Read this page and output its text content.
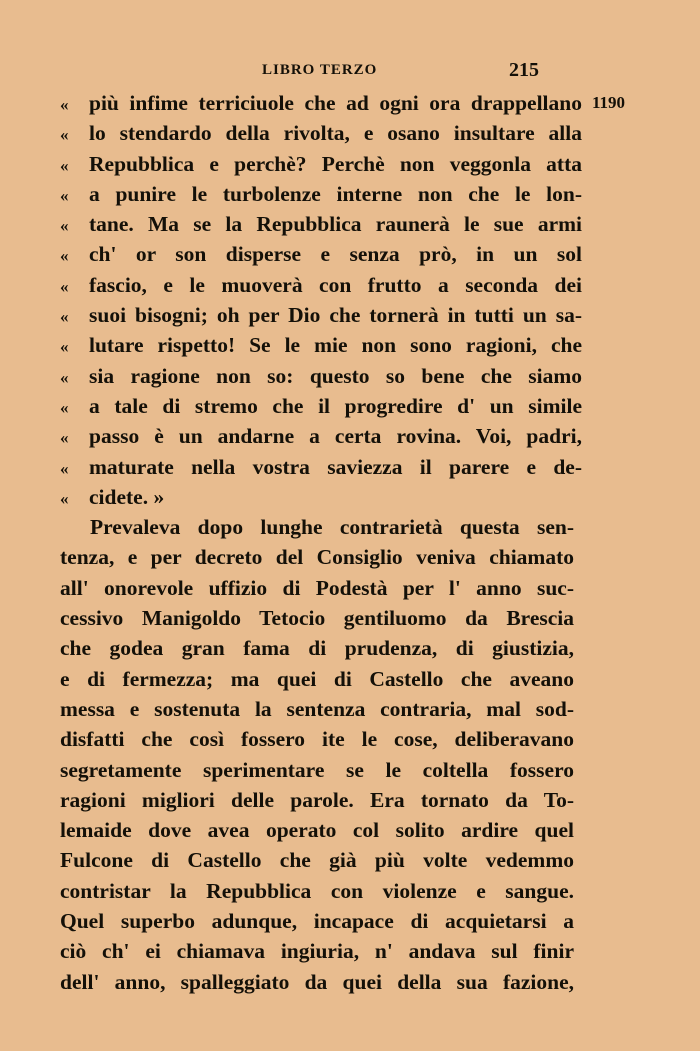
LIBRO TERZO	215
1190
« più infime terriciuole che ad ogni ora drappellano
« lo stendardo della rivolta, e osano insultare alla
« Repubblica e perchè? Perchè non veggonla atta
« a punire le turbolenze interne non che le lon-
« tane. Ma se la Repubblica raunerà le sue armi
« ch' or son disperse e senza prò, in un sol
« fascio, e le muoverà con frutto a seconda dei
« suoi bisogni; oh per Dio che tornerà in tutti un sa-
« lutare rispetto! Se le mie non sono ragioni, che
« sia ragione non so: questo so bene che siamo
« a tale di stremo che il progredire d' un simile
« passo è un andarne a certa rovina. Voi, padri,
« maturate nella vostra saviezza il parere e de-
« cidete. »
Prevaleva dopo lunghe contrarietà questa sen-
tenza, e per decreto del Consiglio veniva chiamato
all' onorevole uffizio di Podestà per l' anno suc-
cessivo Manigoldo Tetocio gentiluomo da Brescia
che godea gran fama di prudenza, di giustizia,
e di fermezza; ma quei di Castello che aveano
messa e sostenuta la sentenza contraria, mal sod-
disfatti che così fossero ite le cose, deliberavano
segretamente sperimentare se le coltella fossero
ragioni migliori delle parole. Era tornato da To-
lemaide dove avea operato col solito ardire quel
Fulcone di Castello che già più volte vedemmo
contristar la Repubblica con violenze e sangue.
Quel superbo adunque, incapace di acquietarsi a
ciò ch' ei chiamava ingiuria, n' andava sul finir
dell' anno, spalleggiato da quei della sua fazione,
